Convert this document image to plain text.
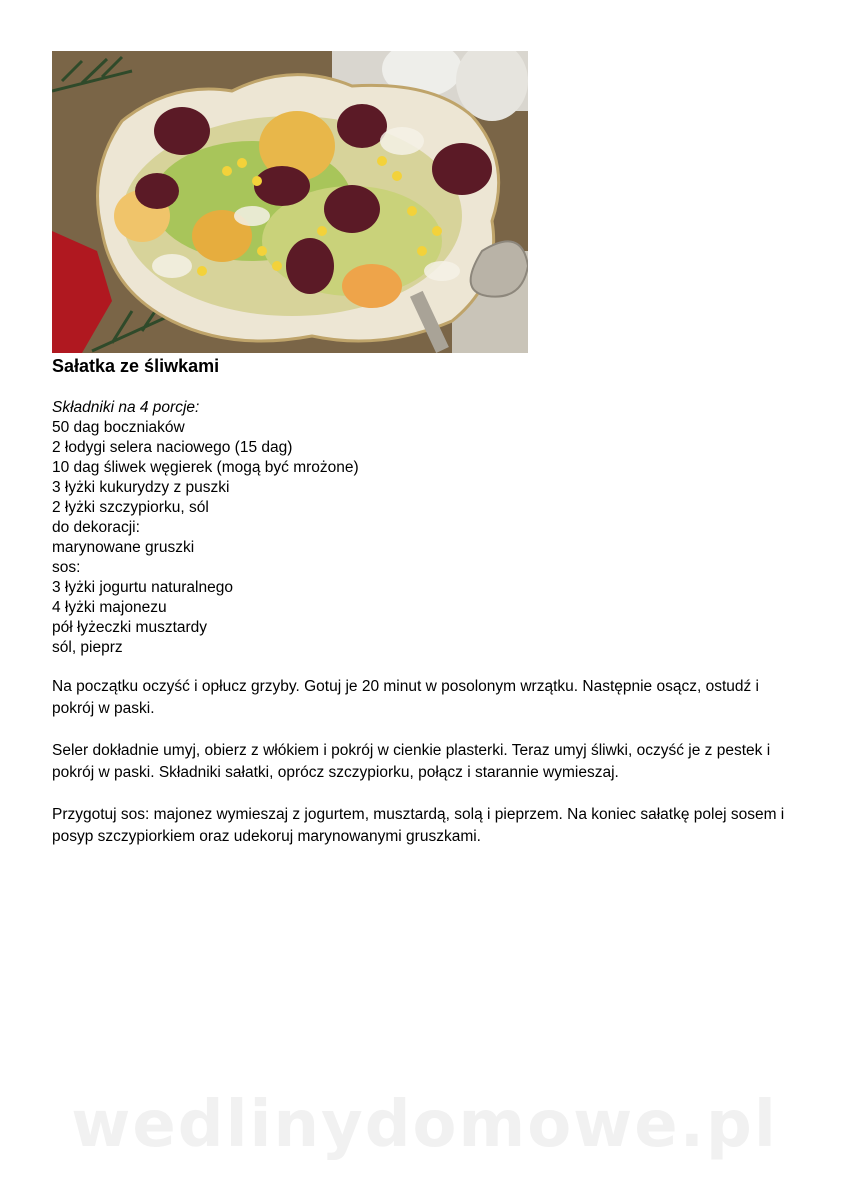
Sałatka ze śliwkami
Składniki na 4 porcje:
50 dag boczniaków
2 łodygi selera naciowego (15 dag)
10 dag śliwek węgierek (mogą być mrożone)
3 łyżki kukurydzy z puszki
2 łyżki szczypiorku, sól
do dekoracji:
marynowane gruszki
sos:
3 łyżki jogurtu naturalnego
4 łyżki majonezu
pół łyżeczki musztardy
sól, pieprz

Na początku oczyść i opłucz grzyby. Gotuj je 20 minut w posolonym wrzątku. Następnie osącz, ostudź i pokrój w paski.

Seler dokładnie umyj, obierz z włókiem i pokrój w cienkie plasterki. Teraz umyj śliwki, oczyść je z pestek i pokrój w paski. Składniki sałatki, oprócz szczypiorku, połącz i starannie wymieszaj.

Przygotuj sos: majonez wymieszaj z jogurtem, musztardą, solą i pieprzem. Na koniec sałatkę polej sosem i posyp szczypiorkiem oraz udekoruj marynowanymi gruszkami.

wedlinydomowe.pl
